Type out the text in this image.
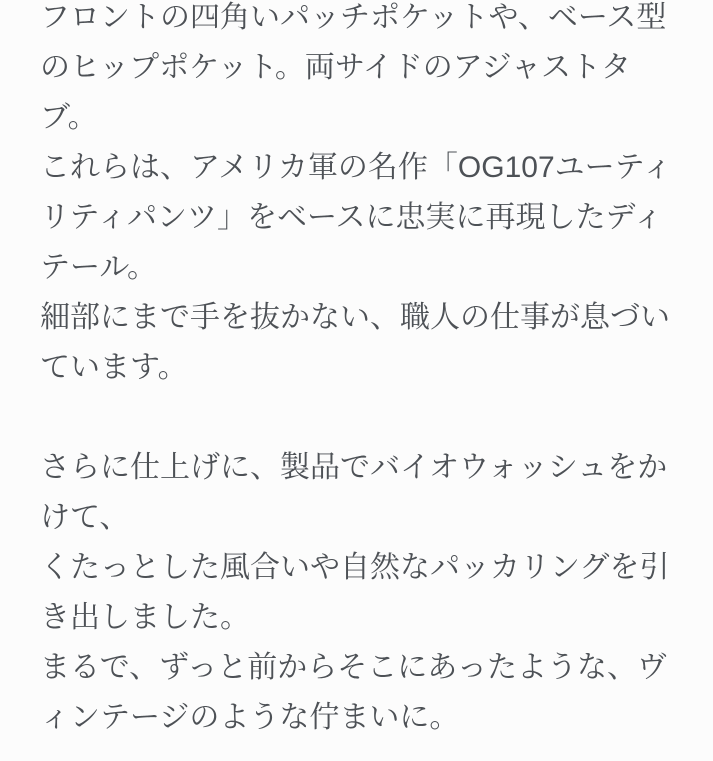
フロントの四角いパッチポケットや、ベース型
のヒップポケット。両サイドのアジャストタ
ブ。
これらは、アメリカ軍の名作「OG107ユーティ
リティパンツ」をベースに忠実に再現したディ
テール。
細部にまで手を抜かない、職人の仕事が息づい
ています。
さらに仕上げに、製品でバイオウォッシュをか
けて、
くたっとした風合いや自然なパッカリングを引
き出しました。
まるで、ずっと前からそこにあったような、ヴ
ィンテージのような佇まいに。
